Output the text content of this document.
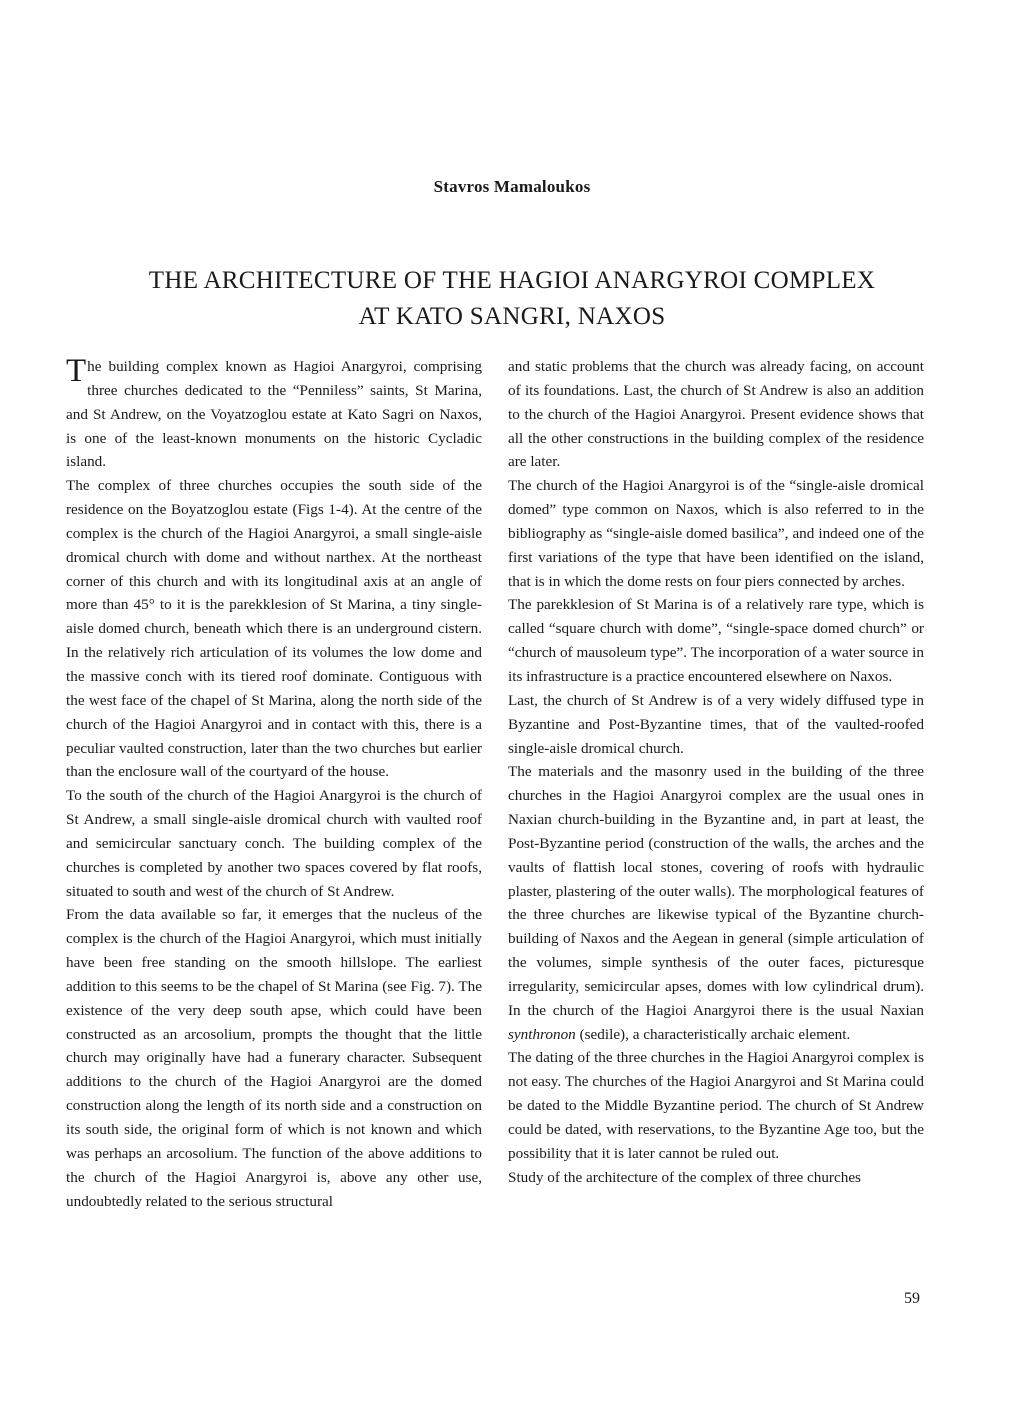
Stavros Mamaloukos
THE ARCHITECTURE OF THE HAGIOI ANARGYROI COMPLEX
AT KATO SANGRI, NAXOS

The building complex known as Hagioi Anargyroi, comprising three churches dedicated to the “Penniless” saints, St Marina, and St Andrew, on the Voyatzoglou estate at Kato Sagri on Naxos, is one of the least-known monuments on the historic Cycladic island.

The complex of three churches occupies the south side of the residence on the Boyatzoglou estate (Figs 1-4). At the centre of the complex is the church of the Hagioi Anargyroi, a small single-aisle dromical church with dome and without narthex. At the northeast corner of this church and with its longitudinal axis at an angle of more than 45° to it is the parekklesion of St Marina, a tiny single-aisle domed church, beneath which there is an underground cistern. In the relatively rich articulation of its volumes the low dome and the massive conch with its tiered roof dominate. Contiguous with the west face of the chapel of St Marina, along the north side of the church of the Hagioi Anargyroi and in contact with this, there is a peculiar vaulted construction, later than the two churches but earlier than the enclosure wall of the courtyard of the house.

To the south of the church of the Hagioi Anargyroi is the church of St Andrew, a small single-aisle dromical church with vaulted roof and semicircular sanctuary conch. The building complex of the churches is completed by another two spaces covered by flat roofs, situated to south and west of the church of St Andrew.

From the data available so far, it emerges that the nucleus of the complex is the church of the Hagioi Anargyroi, which must initially have been free standing on the smooth hillslope. The earliest addition to this seems to be the chapel of St Marina (see Fig. 7). The existence of the very deep south apse, which could have been constructed as an arcosolium, prompts the thought that the little church may originally have had a funerary character. Subsequent additions to the church of the Hagioi Anargyroi are the domed construction along the length of its north side and a construction on its south side, the original form of which is not known and which was perhaps an arcosolium. The function of the above additions to the church of the Hagioi Anargyroi is, above any other use, undoubtedly related to the serious structural

and static problems that the church was already facing, on account of its foundations. Last, the church of St Andrew is also an addition to the church of the Hagioi Anargyroi. Present evidence shows that all the other constructions in the building complex of the residence are later.

The church of the Hagioi Anargyroi is of the “single-aisle dromical domed” type common on Naxos, which is also referred to in the bibliography as “single-aisle domed basilica”, and indeed one of the first variations of the type that have been identified on the island, that is in which the dome rests on four piers connected by arches.

The parekklesion of St Marina is of a relatively rare type, which is called “square church with dome”, “single-space domed church” or “church of mausoleum type”. The incorporation of a water source in its infrastructure is a practice encountered elsewhere on Naxos.

Last, the church of St Andrew is of a very widely diffused type in Byzantine and Post-Byzantine times, that of the vaulted-roofed single-aisle dromical church.

The materials and the masonry used in the building of the three churches in the Hagioi Anargyroi complex are the usual ones in Naxian church-building in the Byzantine and, in part at least, the Post-Byzantine period (construction of the walls, the arches and the vaults of flattish local stones, covering of roofs with hydraulic plaster, plastering of the outer walls). The morphological features of the three churches are likewise typical of the Byzantine church-building of Naxos and the Aegean in general (simple articulation of the volumes, simple synthesis of the outer faces, picturesque irregularity, semicircular apses, domes with low cylindrical drum). In the church of the Hagioi Anargyroi there is the usual Naxian synthronon (sedile), a characteristically archaic element.

The dating of the three churches in the Hagioi Anargyroi complex is not easy. The churches of the Hagioi Anargyroi and St Marina could be dated to the Middle Byzantine period. The church of St Andrew could be dated, with reservations, to the Byzantine Age too, but the possibility that it is later cannot be ruled out.

Study of the architecture of the complex of three churches

59
